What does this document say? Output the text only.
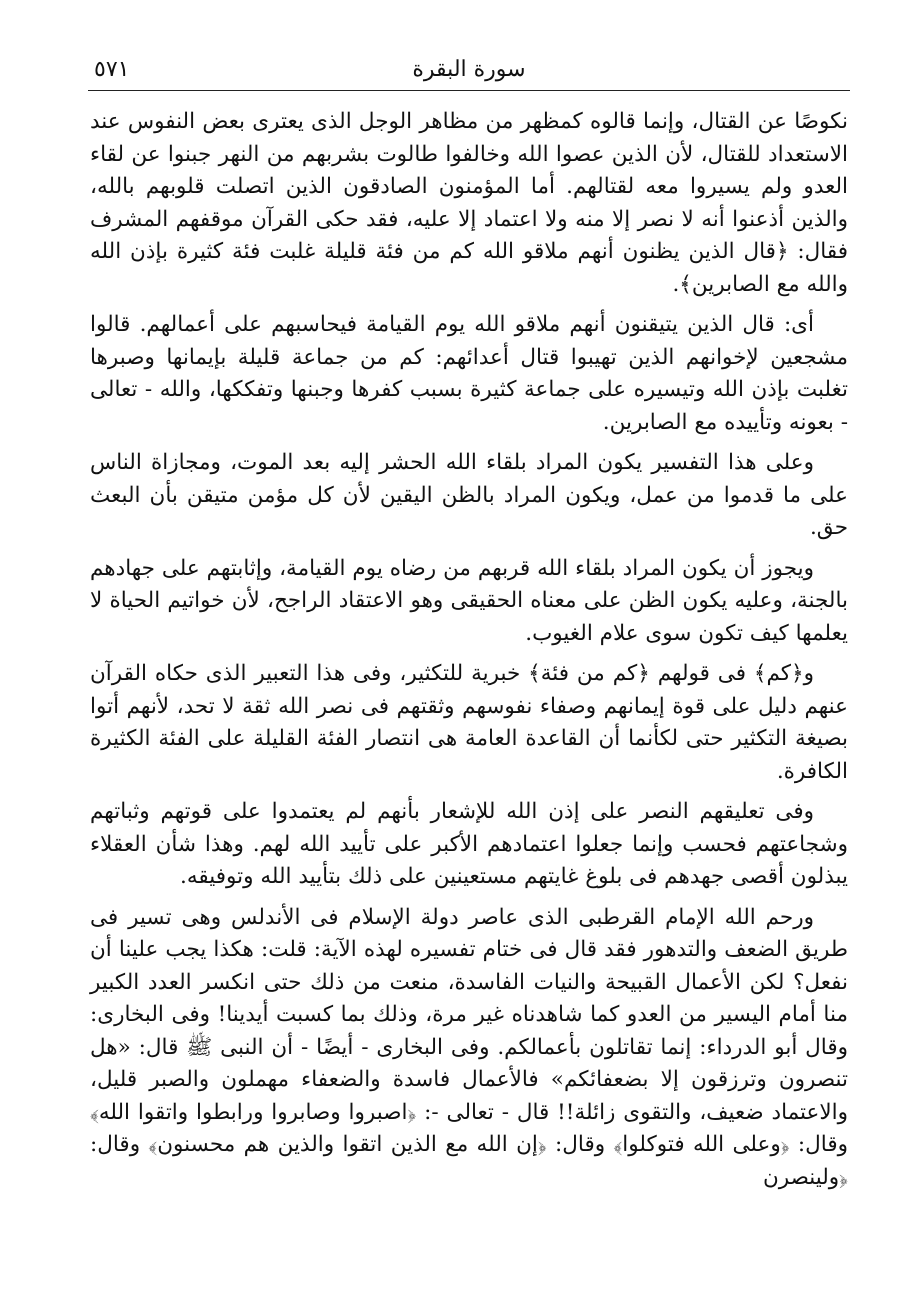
سورة البقرة
٥٧١

نكوصًا عن القتال، وإنما قالوه كمظهر من مظاهر الوجل الذى يعترى بعض النفوس عند الاستعداد للقتال، لأن الذين عصوا الله وخالفوا طالوت بشربهم من النهر جبنوا عن لقاء العدو ولم يسيروا معه لقتالهم. أما المؤمنون الصادقون الذين اتصلت قلوبهم بالله، والذين أذعنوا أنه لا نصر إلا منه ولا اعتماد إلا عليه، فقد حكى القرآن موقفهم المشرف فقال: ﴿قال الذين يظنون أنهم ملاقو الله كم من فئة قليلة غلبت فئة كثيرة بإذن الله والله مع الصابرين﴾.

أى: قال الذين يتيقنون أنهم ملاقو الله يوم القيامة فيحاسبهم على أعمالهم. قالوا مشجعين لإخوانهم الذين تهيبوا قتال أعدائهم: كم من جماعة قليلة بإيمانها وصبرها تغلبت بإذن الله وتيسيره على جماعة كثيرة بسبب كفرها وجبنها وتفككها، والله - تعالى - بعونه وتأييده مع الصابرين.

وعلى هذا التفسير يكون المراد بلقاء الله الحشر إليه بعد الموت، ومجازاة الناس على ما قدموا من عمل، ويكون المراد بالظن اليقين لأن كل مؤمن متيقن بأن البعث حق.

ويجوز أن يكون المراد بلقاء الله قربهم من رضاه يوم القيامة، وإثابتهم على جهادهم بالجنة، وعليه يكون الظن على معناه الحقيقى وهو الاعتقاد الراجح، لأن خواتيم الحياة لا يعلمها كيف تكون سوى علام الغيوب.

و﴿كم﴾ فى قولهم ﴿كم من فئة﴾ خبرية للتكثير، وفى هذا التعبير الذى حكاه القرآن عنهم دليل على قوة إيمانهم وصفاء نفوسهم وثقتهم فى نصر الله ثقة لا تحد، لأنهم أتوا بصيغة التكثير حتى لكأنما أن القاعدة العامة هى انتصار الفئة القليلة على الفئة الكثيرة الكافرة.

وفى تعليقهم النصر على إذن الله للإشعار بأنهم لم يعتمدوا على قوتهم وثباتهم وشجاعتهم فحسب وإنما جعلوا اعتمادهم الأكبر على تأييد الله لهم. وهذا شأن العقلاء يبذلون أقصى جهدهم فى بلوغ غايتهم مستعينين على ذلك بتأييد الله وتوفيقه.

ورحم الله الإمام القرطبى الذى عاصر دولة الإسلام فى الأندلس وهى تسير فى طريق الضعف والتدهور فقد قال فى ختام تفسيره لهذه الآية: قلت: هكذا يجب علينا أن نفعل؟ لكن الأعمال القبيحة والنيات الفاسدة، منعت من ذلك حتى انكسر العدد الكبير منا أمام اليسير من العدو كما شاهدناه غير مرة، وذلك بما كسبت أيدينا! وفى البخارى: وقال أبو الدرداء: إنما تقاتلون بأعمالكم. وفى البخارى - أيضًا - أن النبى ﷺ قال: «هل تنصرون وترزقون إلا بضعفائكم» فالأعمال فاسدة والضعفاء مهملون والصبر قليل، والاعتماد ضعيف، والتقوى زائلة!! قال - تعالى -: ﴿اصبروا وصابروا ورابطوا واتقوا الله﴾ وقال: ﴿وعلى الله فتوكلوا﴾ وقال: ﴿إن الله مع الذين اتقوا والذين هم محسنون﴾ وقال: ﴿ولينصرن
